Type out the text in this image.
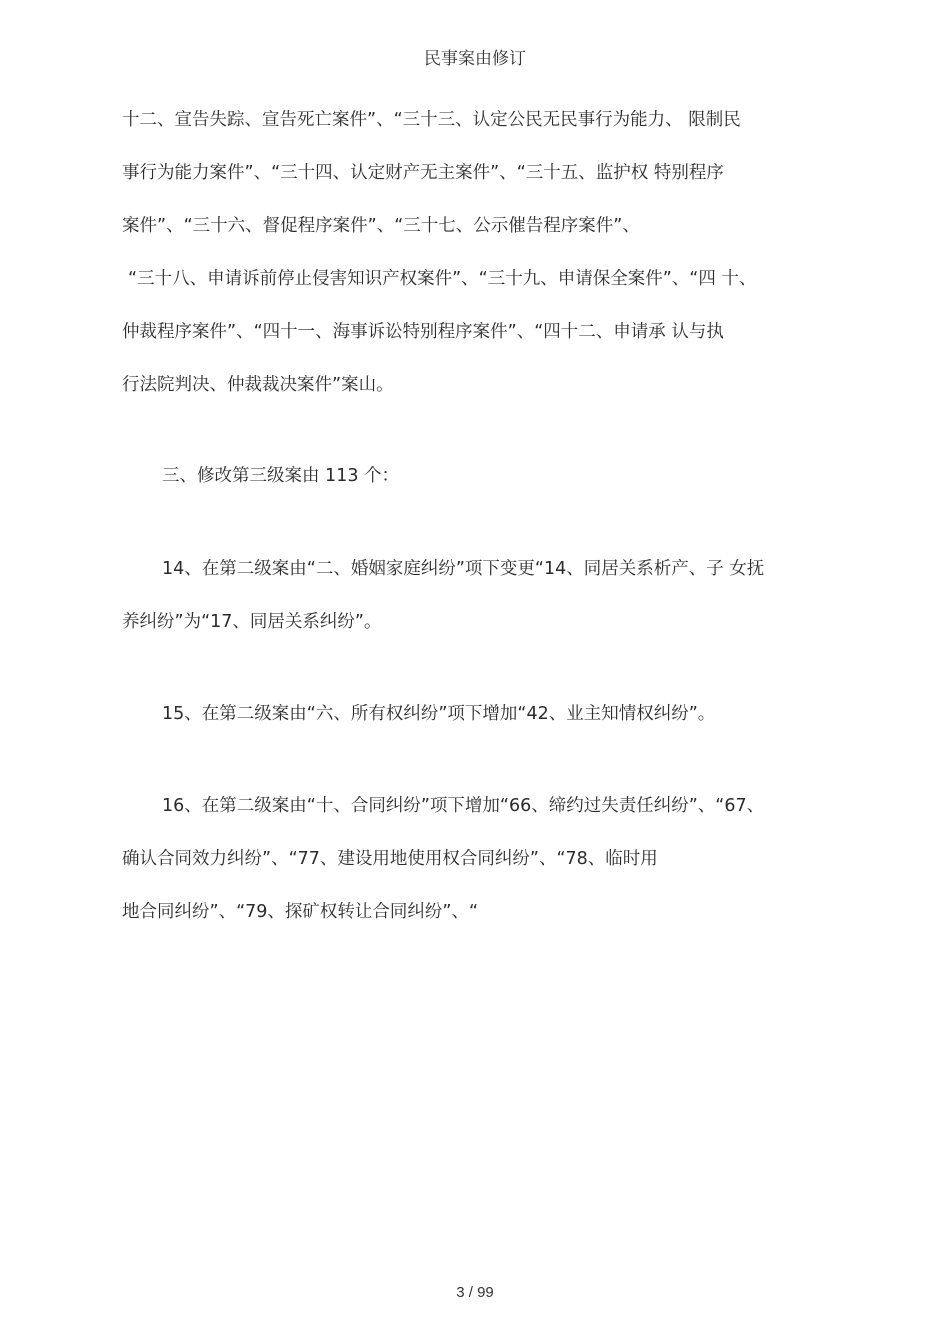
民事案由修订
十二、宣告失踪、宣告死亡案件”、“三十三、认定公民无民事行为能力、 限制民
事行为能力案件”、“三十四、认定财产无主案件”、“三十五、监护权 特别程序
案件”、“三十六、督促程序案件”、“三十七、公示催告程序案件”、
“三十八、申请诉前停止侵害知识产权案件”、“三十九、申请保全案件”、“四 十、
仲裁程序案件”、“四十一、海事诉讼特别程序案件”、“四十二、申请承 认与执
行法院判决、仲裁裁决案件”案山。
三、修改第三级案由 113 个：
14、在第二级案由“二、婚姻家庭纠纷”项下变更“14、同居关系析产、子 女抚
养纠纷”为“17、同居关系纠纷”。
15、在第二级案由“六、所有权纠纷”项下增加“42、业主知情权纠纷”。
16、在第二级案由“十、合同纠纷”项下增加“66、缔约过失责任纠纷”、“67、
确认合同效力纠纷”、“77、建设用地使用权合同纠纷”、“78、临时用
地合同纠纷”、“79、探矿权转让合同纠纷”、“
3 / 99
